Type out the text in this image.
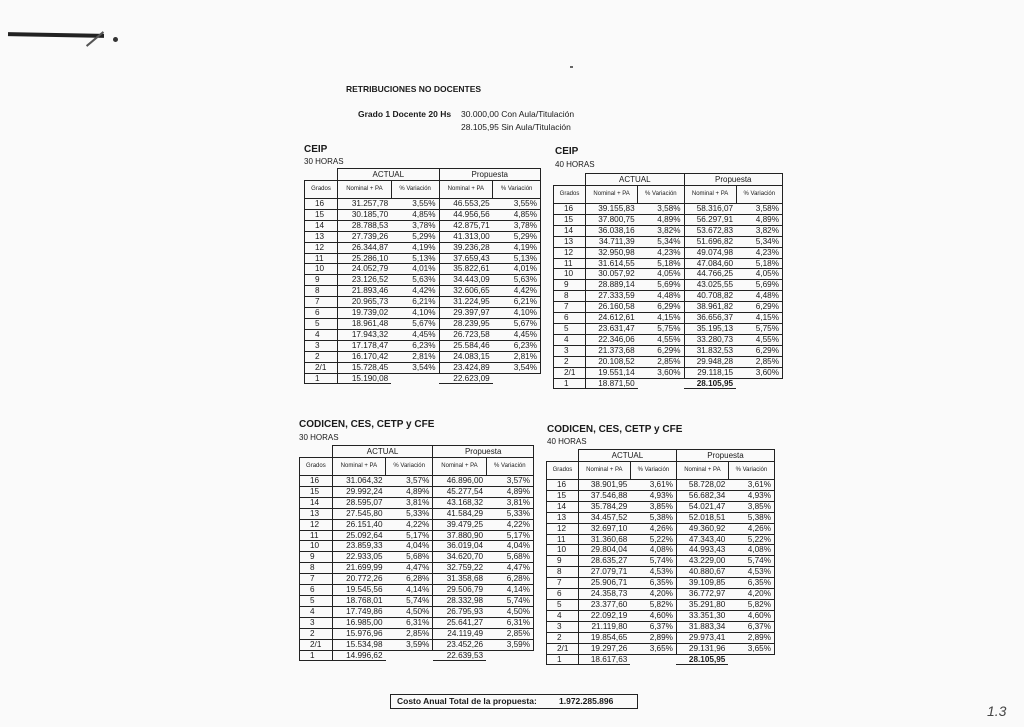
RETRIBUCIONES NO DOCENTES
Grado 1 Docente 20 Hs 30.000,00 Con Aula/Titulación
28.105,95 Sin Aula/Titulación
CEIP
30 HORAS
CEIP
40 HORAS
CODICEN, CES, CETP y CFE
30 HORAS
CODICEN, CES, CETP y CFE
40 HORAS
	ACTUAL		Propuesta	
Grados	Nominal + PA	% Variación	Nominal + PA	% Variación
16	31.257,78	3,55%	46.553,25	3,55%
15	30.185,70	4,85%	44.956,56	4,85%
14	28.788,53	3,78%	42.875,71	3,78%
13	27.739,26	5,29%	41.313,00	5,29%
12	26.344,87	4,19%	39.236,28	4,19%
11	25.286,10	5,13%	37.659,43	5,13%
10	24.052,79	4,01%	35.822,61	4,01%
9	23.126,52	5,63%	34.443,09	5,63%
8	21.893,46	4,42%	32.606,65	4,42%
7	20.965,73	6,21%	31.224,95	6,21%
6	19.739,02	4,10%	29.397,97	4,10%
5	18.961,48	5,67%	28.239,95	5,67%
4	17.943,32	4,45%	26.723,58	4,45%
3	17.178,47	6,23%	25.584,46	6,23%
2	16.170,42	2,81%	24.083,15	2,81%
2/1	15.728,45	3,54%	23.424,89	3,54%
1	15.190,08		22.623,09	
	ACTUAL		Propuesta	
Grados	Nominal + PA	% Variación	Nominal + PA	% Variación
16	39.155,83	3,58%	58.316,07	3,58%
15	37.800,75	4,89%	56.297,91	4,89%
14	36.038,16	3,82%	53.672,83	3,82%
13	34.711,39	5,34%	51.696,82	5,34%
12	32.950,98	4,23%	49.074,98	4,23%
11	31.614,55	5,18%	47.084,60	5,18%
10	30.057,92	4,05%	44.766,25	4,05%
9	28.889,14	5,69%	43.025,55	5,69%
8	27.333,59	4,48%	40.708,82	4,48%
7	26.160,58	6,29%	38.961,82	6,29%
6	24.612,61	4,15%	36.656,37	4,15%
5	23.631,47	5,75%	35.195,13	5,75%
4	22.346,06	4,55%	33.280,73	4,55%
3	21.373,68	6,29%	31.832,53	6,29%
2	20.108,52	2,85%	29.948,28	2,85%
2/1	19.551,14	3,60%	29.118,15	3,60%
1	18.871,50		28.105,95	
	ACTUAL		Propuesta	
Grados	Nominal + PA	% Variación	Nominal + PA	% Variación
16	31.064,32	3,57%	46.896,00	3,57%
15	29.992,24	4,89%	45.277,54	4,89%
14	28.595,07	3,81%	43.168,32	3,81%
13	27.545,80	5,33%	41.584,29	5,33%
12	26.151,40	4,22%	39.479,25	4,22%
11	25.092,64	5,17%	37.880,90	5,17%
10	23.859,33	4,04%	36.019,04	4,04%
9	22.933,05	5,68%	34.620,70	5,68%
8	21.699,99	4,47%	32.759,22	4,47%
7	20.772,26	6,28%	31.358,68	6,28%
6	19.545,56	4,14%	29.506,79	4,14%
5	18.768,01	5,74%	28.332,98	5,74%
4	17.749,86	4,50%	26.795,93	4,50%
3	16.985,00	6,31%	25.641,27	6,31%
2	15.976,96	2,85%	24.119,49	2,85%
2/1	15.534,98	3,59%	23.452,26	3,59%
1	14.996,62		22.639,53	
	ACTUAL		Propuesta	
Grados	Nominal + PA	% Variación	Nominal + PA	% Variación
16	38.901,95	3,61%	58.728,02	3,61%
15	37.546,88	4,93%	56.682,34	4,93%
14	35.784,29	3,85%	54.021,47	3,85%
13	34.457,52	5,38%	52.018,51	5,38%
12	32.697,10	4,26%	49.360,92	4,26%
11	31.360,68	5,22%	47.343,40	5,22%
10	29.804,04	4,08%	44.993,43	4,08%
9	28.635,27	5,74%	43.229,00	5,74%
8	27.079,71	4,53%	40.880,67	4,53%
7	25.906,71	6,35%	39.109,85	6,35%
6	24.358,73	4,20%	36.772,97	4,20%
5	23.377,60	5,82%	35.291,80	5,82%
4	22.092,19	4,60%	33.351,30	4,60%
3	21.119,80	6,37%	31.883,34	6,37%
2	19.854,65	2,89%	29.973,41	2,89%
2/1	19.297,26	3,65%	29.131,96	3,65%
1	18.617,63		28.105,95	
Costo Anual Total de la propuesta:	1.972.285.896
1.3
